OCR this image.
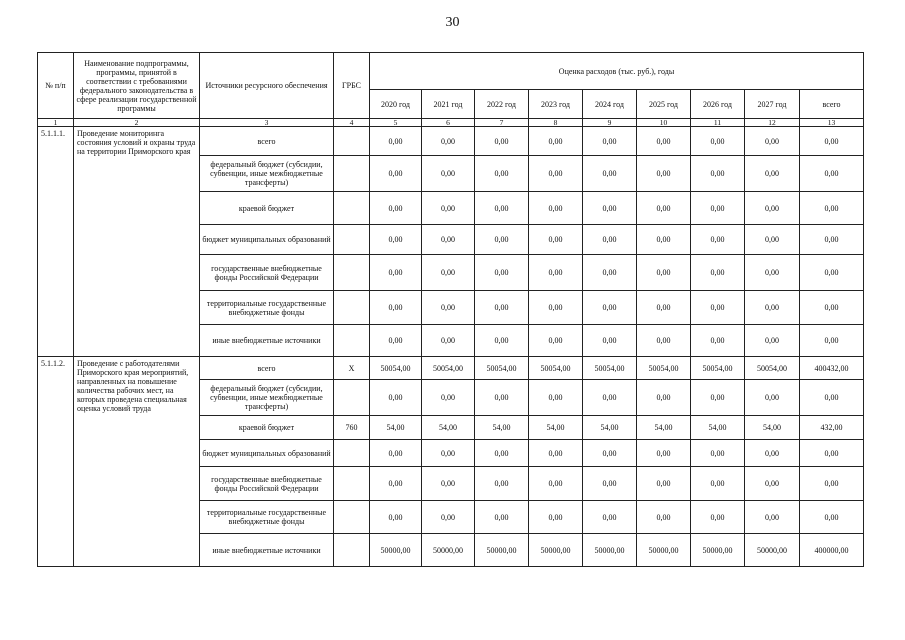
30
№ п/п	Наименование подпрограммы, программы, принятой в соответствии с требованиями федерального законодательства в сфере реализации государственной программы	Источники ресурсного обеспечения	ГРБС	Оценка расходов (тыс. руб.), годы								
				2020 год	2021 год	2022 год	2023 год	2024 год	2025 год	2026 год	2027 год	всего
1	2	3	4	5	6	7	8	9	10	11	12	13
5.1.1.1.	Проведение мониторинга состояния условий и охраны труда на территории Приморского края	всего		0,00	0,00	0,00	0,00	0,00	0,00	0,00	0,00	0,00
		федеральный бюджет (субсидии, субвенции, иные межбюджетные трансферты)		0,00	0,00	0,00	0,00	0,00	0,00	0,00	0,00	0,00
		краевой бюджет		0,00	0,00	0,00	0,00	0,00	0,00	0,00	0,00	0,00
		бюджет муниципальных образований		0,00	0,00	0,00	0,00	0,00	0,00	0,00	0,00	0,00
		государственные внебюджетные фонды Российской Федерации		0,00	0,00	0,00	0,00	0,00	0,00	0,00	0,00	0,00
		территориальные государственные внебюджетные фонды		0,00	0,00	0,00	0,00	0,00	0,00	0,00	0,00	0,00
		иные внебюджетные источники		0,00	0,00	0,00	0,00	0,00	0,00	0,00	0,00	0,00
5.1.1.2.	Проведение с работодателями Приморского края мероприятий, направленных на повышение количества рабочих мест, на которых проведена специальная оценка условий труда	всего	X	50054,00	50054,00	50054,00	50054,00	50054,00	50054,00	50054,00	50054,00	400432,00
		федеральный бюджет (субсидии, субвенции, иные межбюджетные трансферты)		0,00	0,00	0,00	0,00	0,00	0,00	0,00	0,00	0,00
		краевой бюджет	760	54,00	54,00	54,00	54,00	54,00	54,00	54,00	54,00	432,00
		бюджет муниципальных образований		0,00	0,00	0,00	0,00	0,00	0,00	0,00	0,00	0,00
		государственные внебюджетные фонды Российской Федерации		0,00	0,00	0,00	0,00	0,00	0,00	0,00	0,00	0,00
		территориальные государственные внебюджетные фонды		0,00	0,00	0,00	0,00	0,00	0,00	0,00	0,00	0,00
		иные внебюджетные источники		50000,00	50000,00	50000,00	50000,00	50000,00	50000,00	50000,00	50000,00	400000,00
